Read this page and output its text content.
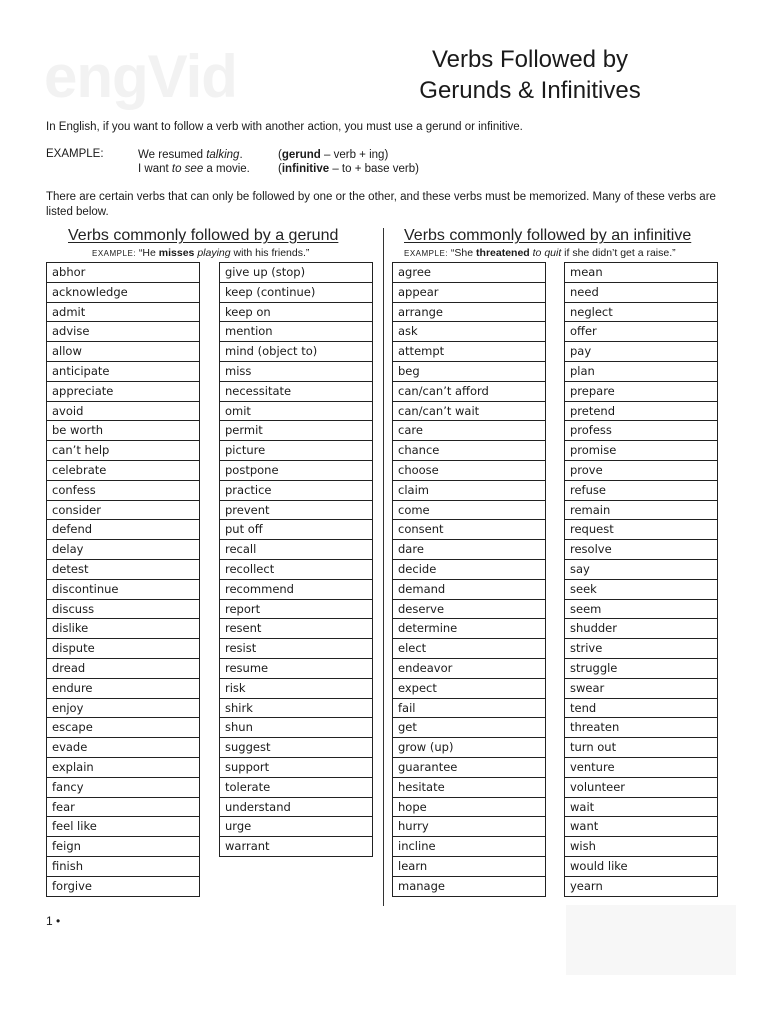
engVid	Verbs Followed by
Gerunds & Infinitives
In English, if you want to follow a verb with another action, you must use a gerund or infinitive.
EXAMPLE:	We resumed talking.	(gerund – verb + ing)
I want to see a movie. (infinitive – to + base verb)
There are certain verbs that can only be followed by one or the other, and these verbs must be memorized. Many of these verbs are listed below.
Verbs commonly followed by a gerund
EXAMPLE: “He misses playing with his friends.”
Verbs commonly followed by an infinitive
EXAMPLE: “She threatened to quit if she didn’t get a raise.”
abhor
acknowledge
admit
advise
allow
anticipate
appreciate
avoid
be worth
can’t help
celebrate
confess
consider
defend
delay
detest
discontinue
discuss
dislike
dispute
dread
endure
enjoy
escape
evade
explain
fancy
fear
feel like
feign
finish
forgive
give up (stop)
keep (continue)
keep on
mention
mind (object to)
miss
necessitate
omit
permit
picture
postpone
practice
prevent
put off
recall
recollect
recommend
report
resent
resist
resume
risk
shirk
shun
suggest
support
tolerate
understand
urge
warrant
agree
appear
arrange
ask
attempt
beg
can/can’t afford
can/can’t wait
care
chance
choose
claim
come
consent
dare
decide
demand
deserve
determine
elect
endeavor
expect
fail
get
grow (up)
guarantee
hesitate
hope
hurry
incline
learn
manage
mean
need
neglect
offer
pay
plan
prepare
pretend
profess
promise
prove
refuse
remain
request
resolve
say
seek
seem
shudder
strive
struggle
swear
tend
threaten
turn out
venture
volunteer
wait
want
wish
would like
yearn
1 •
